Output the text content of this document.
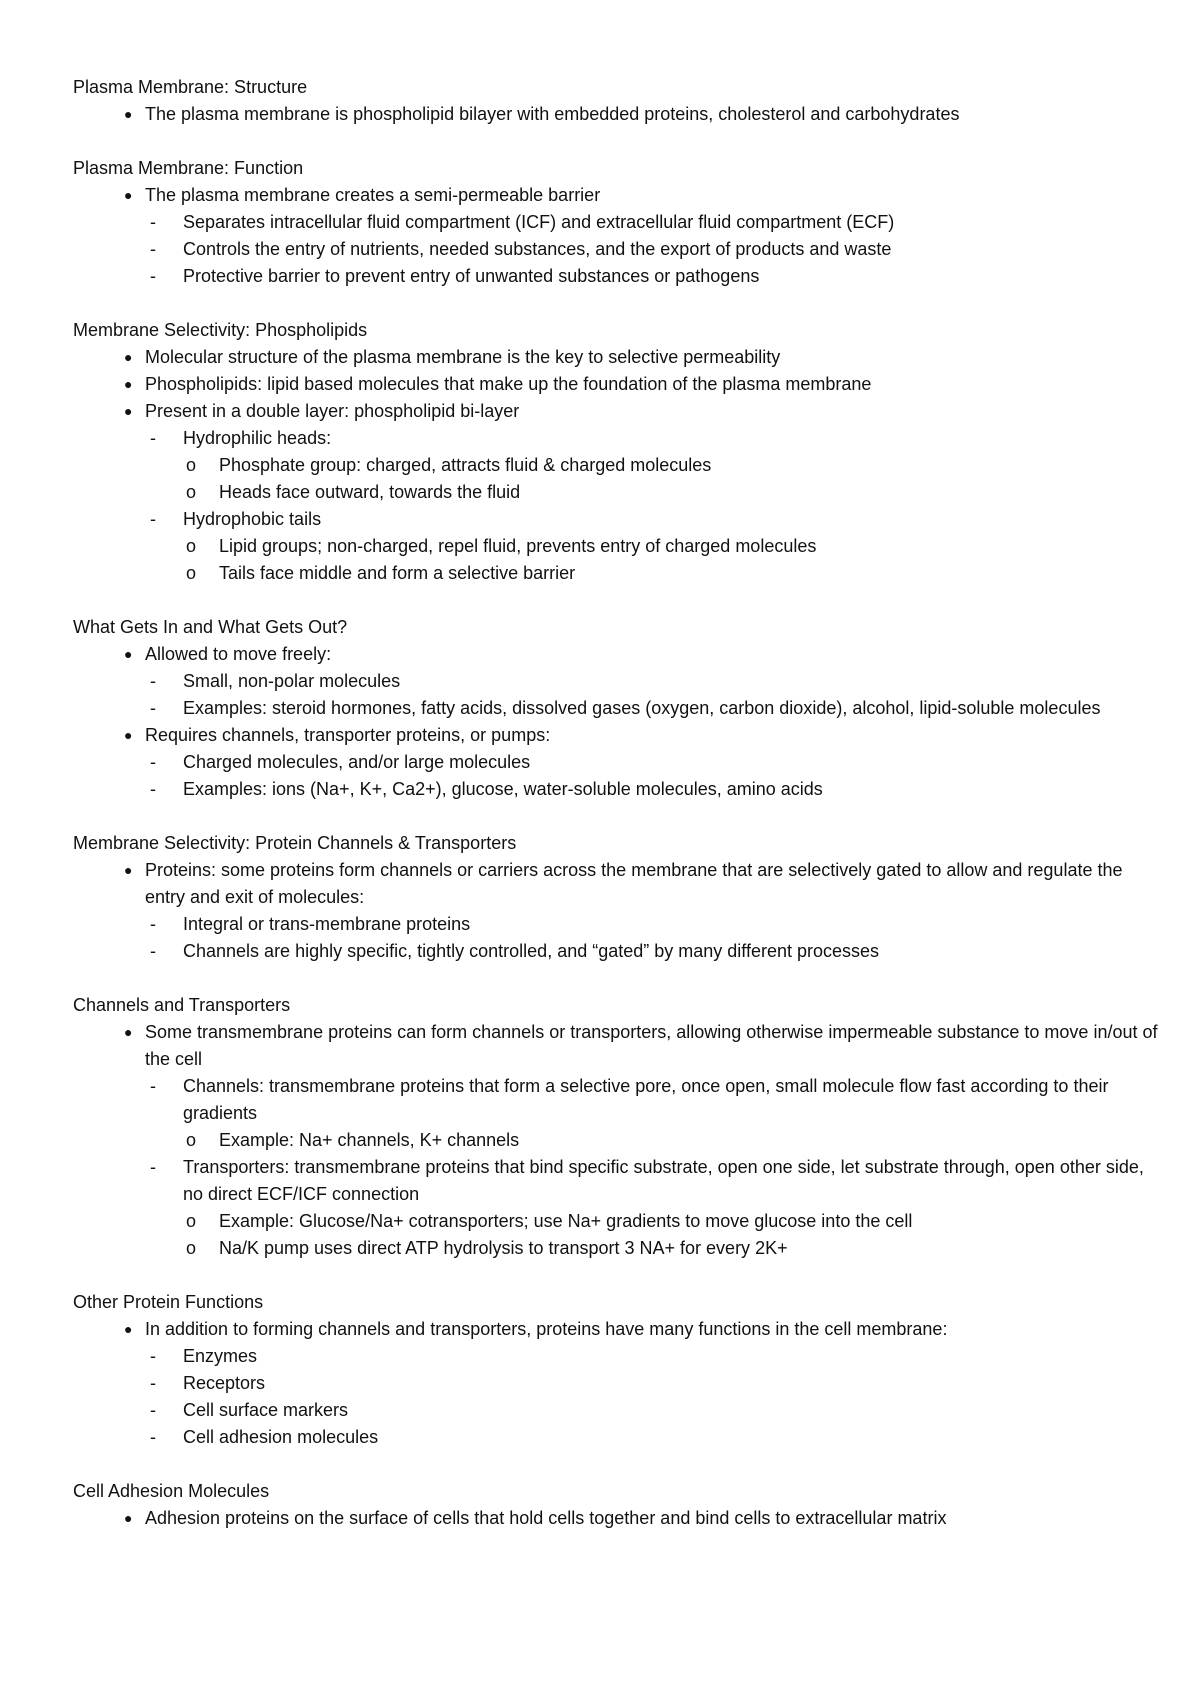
Plasma Membrane: Structure
● The plasma membrane is phospholipid bilayer with embedded proteins, cholesterol and carbohydrates
Plasma Membrane: Function
● The plasma membrane creates a semi-permeable barrier
- Separates intracellular fluid compartment (ICF) and extracellular fluid compartment (ECF)
- Controls the entry of nutrients, needed substances, and the export of products and waste
- Protective barrier to prevent entry of unwanted substances or pathogens
Membrane Selectivity: Phospholipids
● Molecular structure of the plasma membrane is the key to selective permeability
● Phospholipids: lipid based molecules that make up the foundation of the plasma membrane
● Present in a double layer: phospholipid bi-layer
- Hydrophilic heads:
o Phosphate group: charged, attracts fluid & charged molecules
o Heads face outward, towards the fluid
- Hydrophobic tails
o Lipid groups; non-charged, repel fluid, prevents entry of charged molecules
o Tails face middle and form a selective barrier
What Gets In and What Gets Out?
● Allowed to move freely:
- Small, non-polar molecules
- Examples: steroid hormones, fatty acids, dissolved gases (oxygen, carbon dioxide), alcohol, lipid-soluble molecules
● Requires channels, transporter proteins, or pumps:
- Charged molecules, and/or large molecules
- Examples: ions (Na+, K+, Ca2+), glucose, water-soluble molecules, amino acids
Membrane Selectivity: Protein Channels & Transporters
● Proteins: some proteins form channels or carriers across the membrane that are selectively gated to allow and regulate the entry and exit of molecules:
- Integral or trans-membrane proteins
- Channels are highly specific, tightly controlled, and “gated” by many different processes
Channels and Transporters
● Some transmembrane proteins can form channels or transporters, allowing otherwise impermeable substance to move in/out of the cell
- Channels: transmembrane proteins that form a selective pore, once open, small molecule flow fast according to their gradients
o Example: Na+ channels, K+ channels
- Transporters: transmembrane proteins that bind specific substrate, open one side, let substrate through, open other side, no direct ECF/ICF connection
o Example: Glucose/Na+ cotransporters; use Na+ gradients to move glucose into the cell
o Na/K pump uses direct ATP hydrolysis to transport 3 NA+ for every 2K+
Other Protein Functions
● In addition to forming channels and transporters, proteins have many functions in the cell membrane:
- Enzymes
- Receptors
- Cell surface markers
- Cell adhesion molecules
Cell Adhesion Molecules
● Adhesion proteins on the surface of cells that hold cells together and bind cells to extracellular matrix
